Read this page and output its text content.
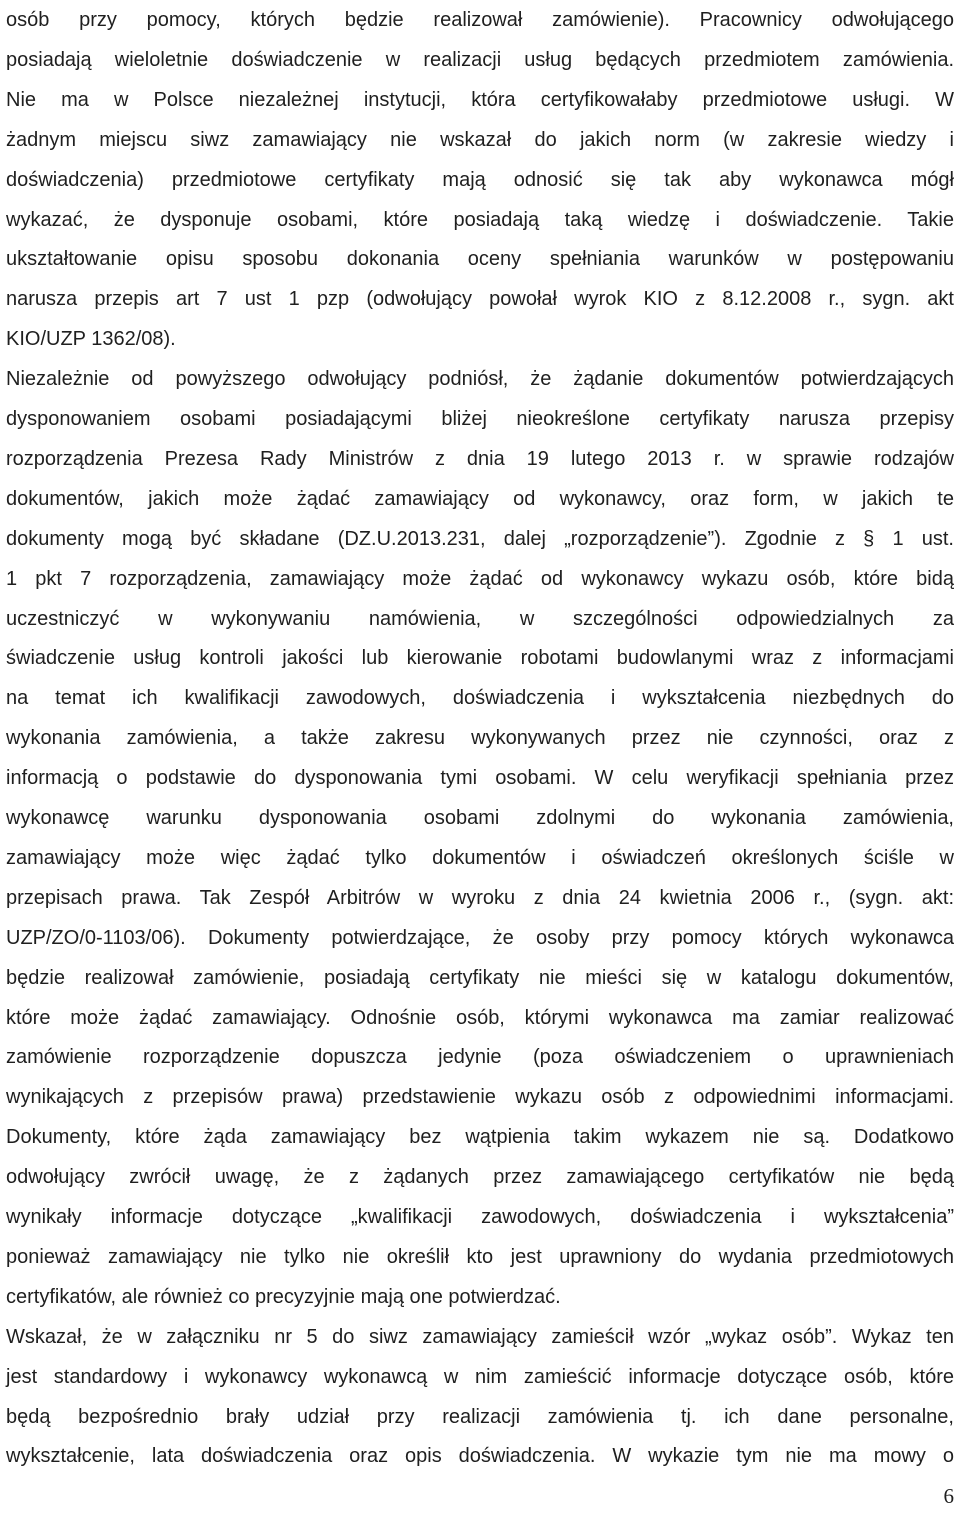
osób przy pomocy, których będzie realizował zamówienie). Pracownicy odwołującego
posiadają wieloletnie doświadczenie w realizacji usług będących przedmiotem zamówienia.
Nie ma w Polsce niezależnej instytucji, która certyfikowałaby przedmiotowe usługi. W
żadnym miejscu siwz zamawiający nie wskazał do jakich norm (w zakresie wiedzy i
doświadczenia) przedmiotowe certyfikaty mają odnosić się tak aby wykonawca mógł
wykazać, że dysponuje osobami, które posiadają taką wiedzę i doświadczenie. Takie
ukształtowanie opisu sposobu dokonania oceny spełniania warunków w postępowaniu
narusza przepis art 7 ust 1 pzp (odwołujący powołał wyrok KIO z 8.12.2008 r., sygn. akt
KIO/UZP 1362/08).
Niezależnie od powyższego odwołujący podniósł, że żądanie dokumentów potwierdzających
dysponowaniem osobami posiadającymi bliżej nieokreślone certyfikaty narusza przepisy
rozporządzenia Prezesa Rady Ministrów z dnia 19 lutego 2013 r. w sprawie rodzajów
dokumentów, jakich może żądać zamawiający od wykonawcy, oraz form, w jakich te
dokumenty mogą być składane (DZ.U.2013.231, dalej „rozporządzenie”). Zgodnie z § 1 ust.
1 pkt 7 rozporządzenia, zamawiający może żądać od wykonawcy wykazu osób, które bidą
uczestniczyć w wykonywaniu namówienia, w szczególności odpowiedzialnych za
świadczenie usług kontroli jakości lub kierowanie robotami budowlanymi wraz z informacjami
na temat ich kwalifikacji zawodowych, doświadczenia i wykształcenia niezbędnych do
wykonania zamówienia, a także zakresu wykonywanych przez nie czynności, oraz z
informacją o podstawie do dysponowania tymi osobami. W celu weryfikacji spełniania przez
wykonawcę warunku dysponowania osobami zdolnymi do wykonania zamówienia,
zamawiający może więc żądać tylko dokumentów i oświadczeń określonych ściśle w
przepisach prawa. Tak Zespół Arbitrów w wyroku z dnia 24 kwietnia 2006 r., (sygn. akt:
UZP/ZO/0-1103/06). Dokumenty potwierdzające, że osoby przy pomocy których wykonawca
będzie realizował zamówienie, posiadają certyfikaty nie mieści się w katalogu dokumentów,
które może żądać zamawiający. Odnośnie osób, którymi wykonawca ma zamiar realizować
zamówienie rozporządzenie dopuszcza jedynie (poza oświadczeniem o uprawnieniach
wynikających z przepisów prawa) przedstawienie wykazu osób z odpowiednimi informacjami.
Dokumenty, które żąda zamawiający bez wątpienia takim wykazem nie są. Dodatkowo
odwołujący zwrócił uwagę, że z żądanych przez zamawiającego certyfikatów nie będą
wynikały informacje dotyczące „kwalifikacji zawodowych, doświadczenia i wykształcenia”
ponieważ zamawiający nie tylko nie określił kto jest uprawniony do wydania przedmiotowych
certyfikatów, ale również co precyzyjnie mają one potwierdzać.
Wskazał, że w załączniku nr 5 do siwz zamawiający zamieścił wzór „wykaz osób”. Wykaz ten
jest standardowy i wykonawcy wykonawcą w nim zamieścić informacje dotyczące osób, które
będą bezpośrednio brały udział przy realizacji zamówienia tj. ich dane personalne,
wykształcenie, lata doświadczenia oraz opis doświadczenia. W wykazie tym nie ma mowy o
6
